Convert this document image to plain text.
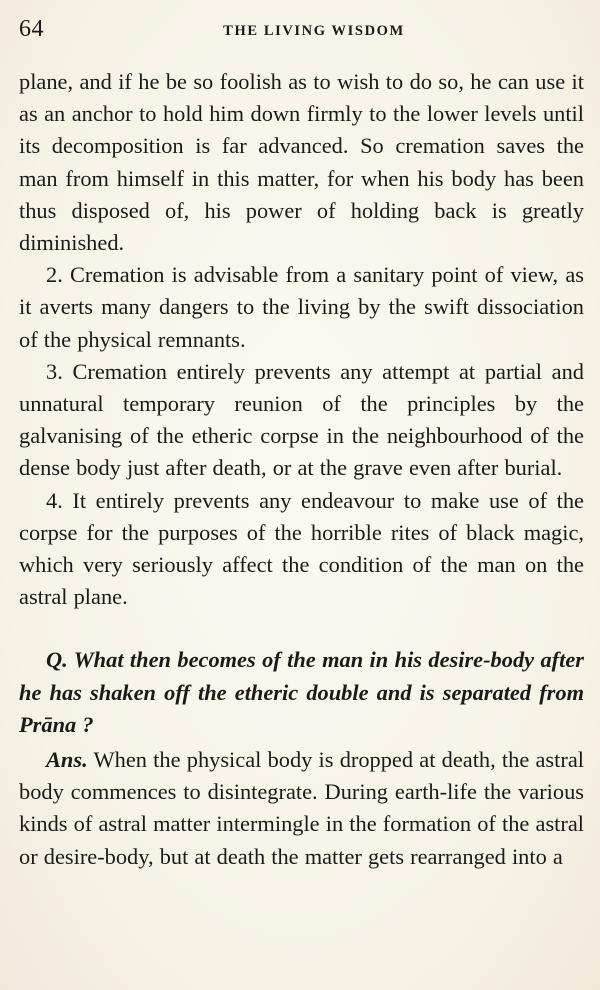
64	THE LIVING WISDOM

plane, and if he be so foolish as to wish to do so, he can use it as an anchor to hold him down firmly to the lower levels until its decomposition is far advanced. So cremation saves the man from himself in this matter, for when his body has been thus disposed of, his power of holding back is greatly diminished.

2. Cremation is advisable from a sanitary point of view, as it averts many dangers to the living by the swift dissociation of the physical remnants.

3. Cremation entirely prevents any attempt at partial and unnatural temporary reunion of the principles by the galvanising of the etheric corpse in the neighbourhood of the dense body just after death, or at the grave even after burial.

4. It entirely prevents any endeavour to make use of the corpse for the purposes of the horrible rites of black magic, which very seriously affect the condition of the man on the astral plane.

Q. What then becomes of the man in his desire-body after he has shaken off the etheric double and is separated from Prāna ?

Ans. When the physical body is dropped at death, the astral body commences to disintegrate. During earth-life the various kinds of astral matter intermingle in the formation of the astral or desire-body, but at death the matter gets rearranged into a
